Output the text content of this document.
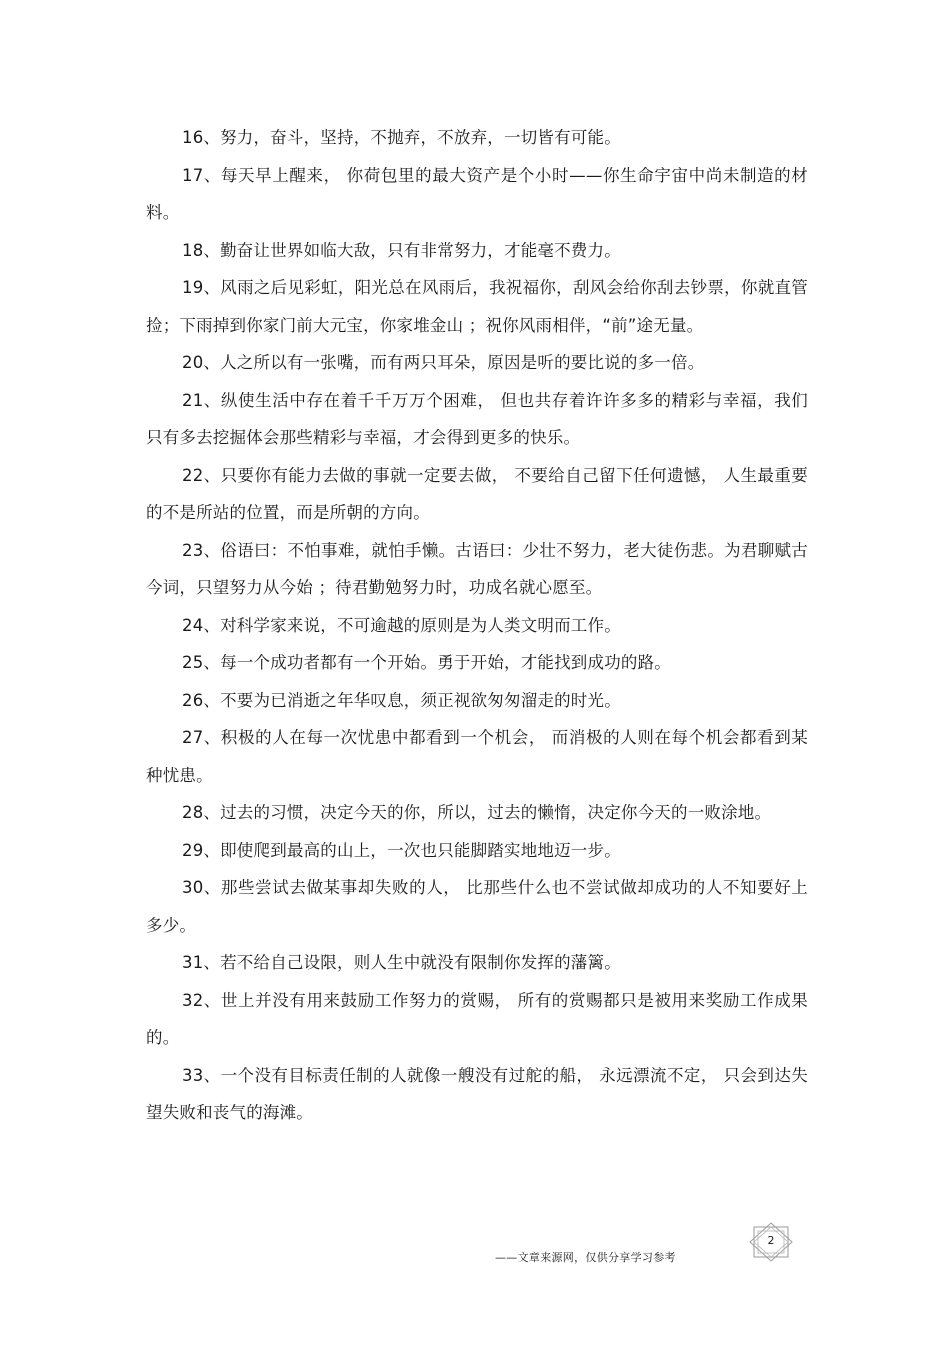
16、努力，奋斗，坚持，不抛弃，不放弃，一切皆有可能。

17、每天早上醒来， 你荷包里的最大资产是个小时——你生命宇宙中尚未制造的材料。

18、勤奋让世界如临大敌，只有非常努力，才能毫不费力。

19、风雨之后见彩虹，阳光总在风雨后，我祝福你，刮风会给你刮去钞票，你就直管捡；下雨掉到你家门前大元宝，你家堆金山 ；祝你风雨相伴，“前”途无量。

20、人之所以有一张嘴，而有两只耳朵，原因是听的要比说的多一倍。

21、纵使生活中存在着千千万万个困难， 但也共存着许许多多的精彩与幸福，我们只有多去挖掘体会那些精彩与幸福，才会得到更多的快乐。

22、只要你有能力去做的事就一定要去做， 不要给自己留下任何遗憾， 人生最重要的不是所站的位置，而是所朝的方向。

23、俗语曰：不怕事难，就怕手懒。古语曰：少壮不努力，老大徒伤悲。为君聊赋古今词，只望努力从今始 ；待君勤勉努力时，功成名就心愿至。

24、对科学家来说，不可逾越的原则是为人类文明而工作。

25、每一个成功者都有一个开始。勇于开始，才能找到成功的路。

26、不要为已消逝之年华叹息，须正视欲匆匆溜走的时光。

27、积极的人在每一次忧患中都看到一个机会， 而消极的人则在每个机会都看到某种忧患。

28、过去的习惯，决定今天的你，所以，过去的懒惰，决定你今天的一败涂地。

29、即使爬到最高的山上，一次也只能脚踏实地地迈一步。

30、那些尝试去做某事却失败的人， 比那些什么也不尝试做却成功的人不知要好上多少。

31、若不给自己设限，则人生中就没有限制你发挥的藩篱。

32、世上并没有用来鼓励工作努力的赏赐， 所有的赏赐都只是被用来奖励工作成果的。

33、一个没有目标责任制的人就像一艘没有过舵的船， 永远漂流不定， 只会到达失望失败和丧气的海滩。

——文章来源网，仅供分享学习参考
2
